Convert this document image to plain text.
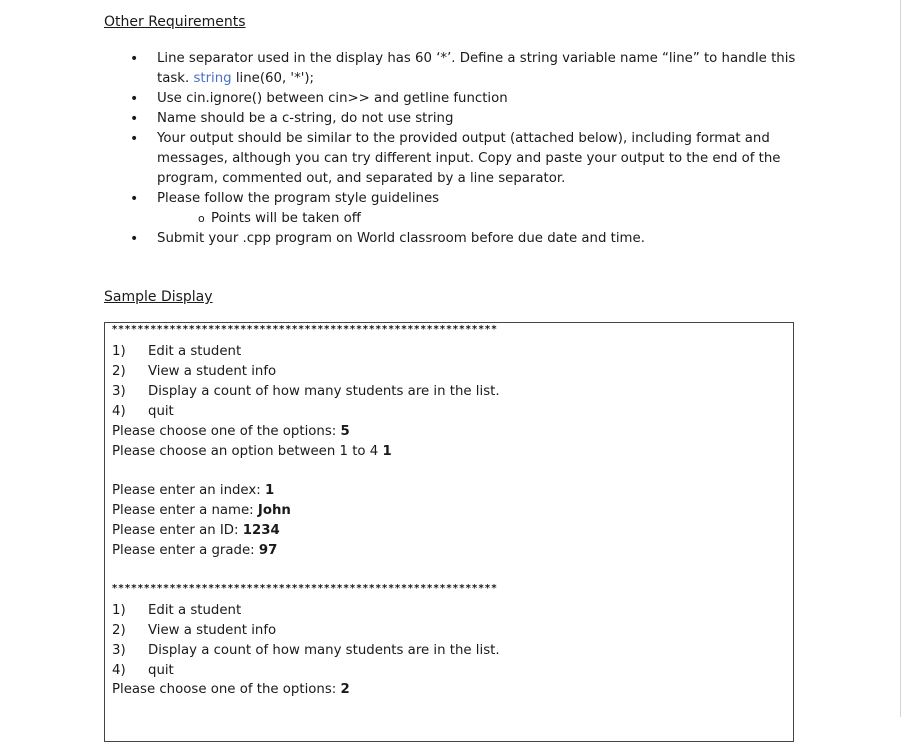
Other Requirements
• Line separator used in the display has 60 ‘*’. Define a string variable name “line” to handle this task. string line(60, '*');
• Use cin.ignore() between cin>> and getline function
• Name should be a c-string, do not use string
• Your output should be similar to the provided output (attached below), including format and messages, although you can try different input. Copy and paste your output to the end of the program, commented out, and separated by a line separator.
• Please follow the program style guidelines
o Points will be taken off
• Submit your .cpp program on World classroom before due date and time.
Sample Display
************************************************************
1)	Edit a student
2)	View a student info
3)	Display a count of how many students are in the list.
4)	quit
Please choose one of the options: 5
Please choose an option between 1 to 4 1
Please enter an index: 1
Please enter a name: John
Please enter an ID: 1234
Please enter a grade: 97
************************************************************
1)	Edit a student
2)	View a student info
3)	Display a count of how many students are in the list.
4)	quit
Please choose one of the options: 2
